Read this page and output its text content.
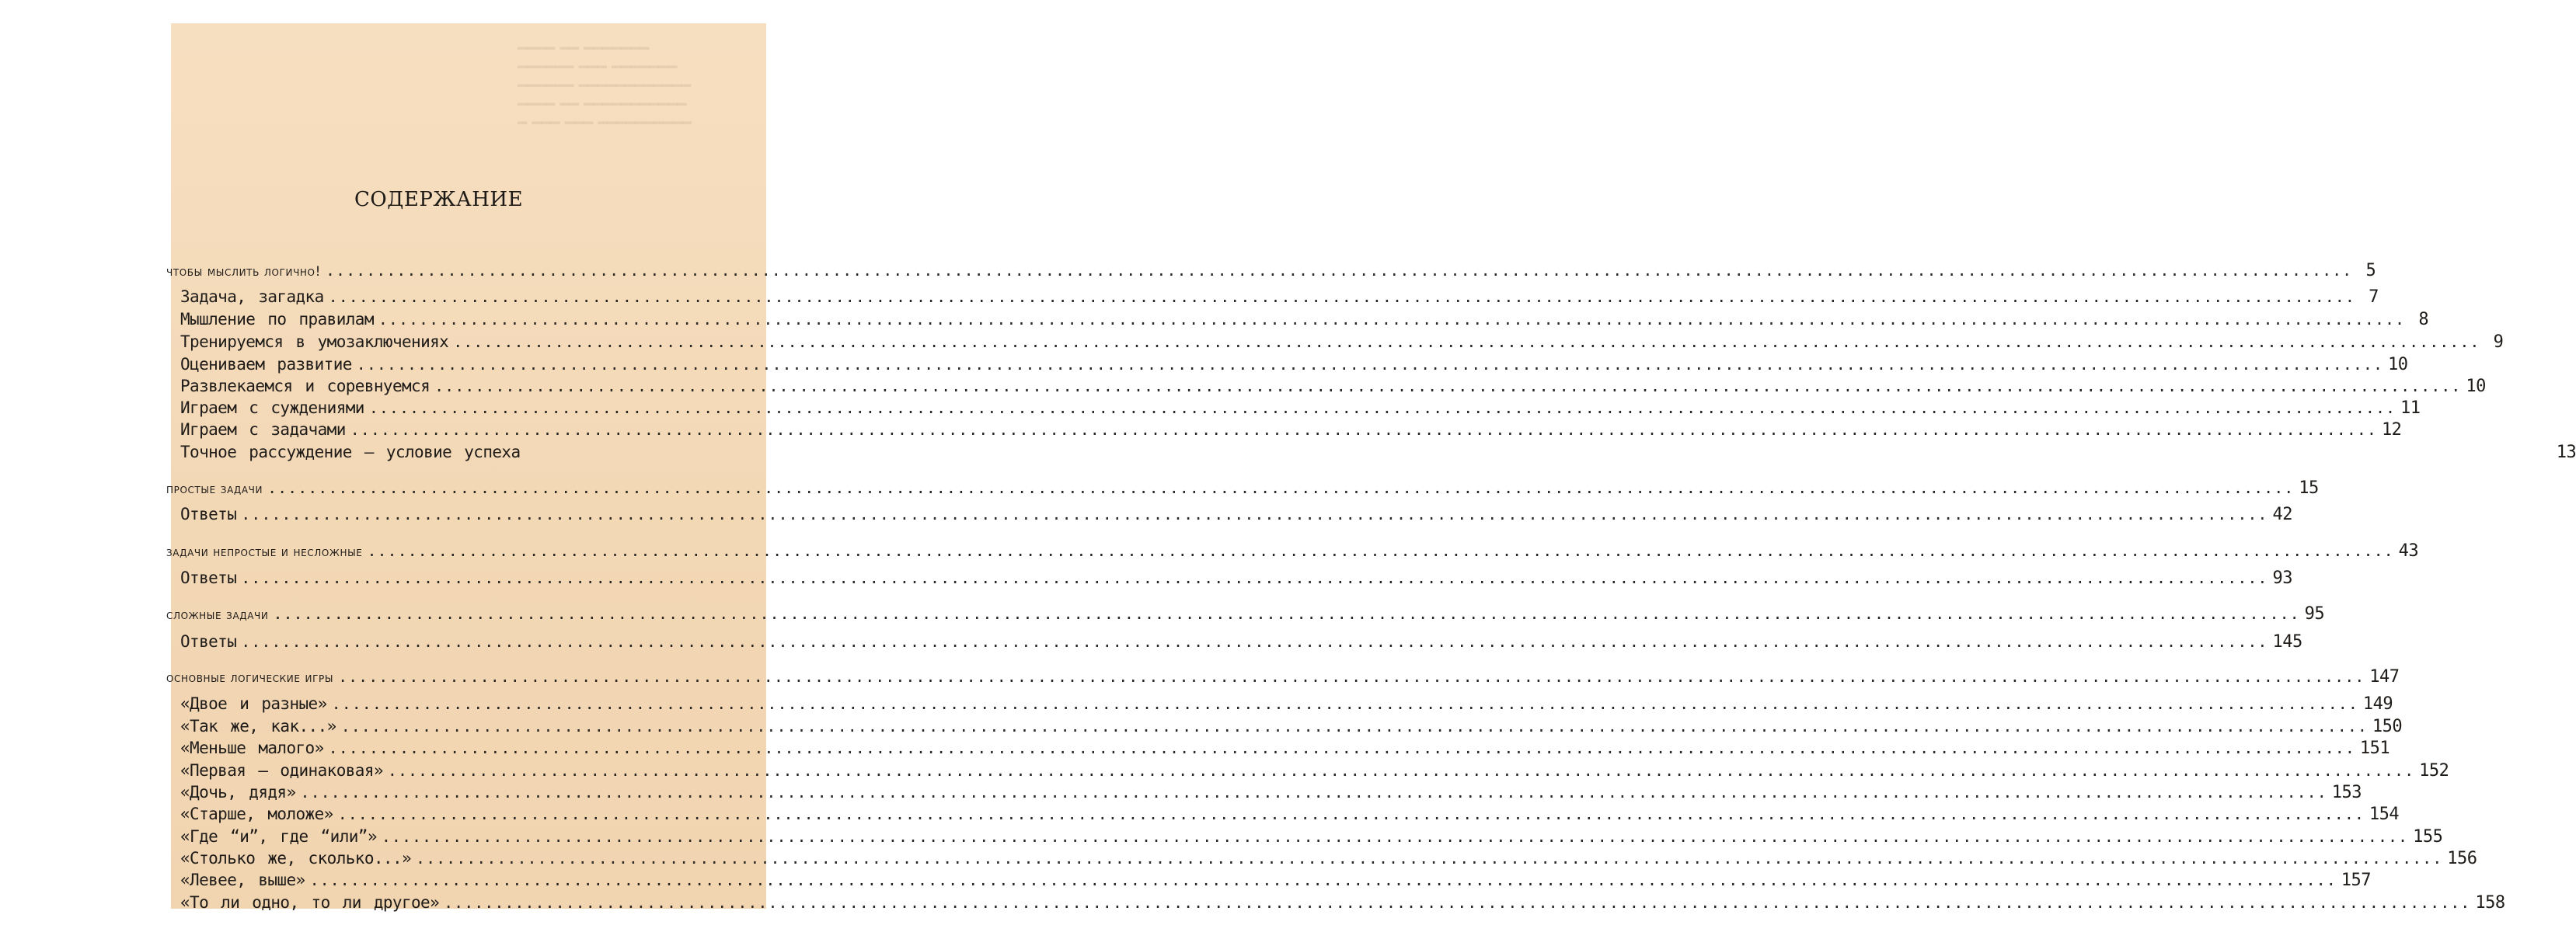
━━━━ ━━ ━━━━━━━
━━━━━━ ━━━ ━━━━━━━
━━━━━━ ━━━━━━━━━━━━
━━━━ ━━ ━━━━━━━━━━━
━ ━━━ ━━━ ━━━━━━━━━━
СОДЕРЖАНИЕ
чтобы мыслить логично! ........................................................................................................................................................................................................ 5
Задача, загадка ........................................................................................................................................................................................................ 7
Мышление по правилам ........................................................................................................................................................................................................ 8
Тренируемся в умозаключениях ........................................................................................................................................................................................................ 9
Оцениваем развитие ........................................................................................................................................................................................................ 10
Развлекаемся и соревнуемся ........................................................................................................................................................................................................ 10
Играем с суждениями ........................................................................................................................................................................................................ 11
Играем с задачами ........................................................................................................................................................................................................ 12
Точное рассуждение — условие успеха	13
простые задачи ........................................................................................................................................................................................................ 15
Ответы ........................................................................................................................................................................................................ 42
задачи непростые и несложные ........................................................................................................................................................................................................ 43
Ответы ........................................................................................................................................................................................................ 93
сложные задачи ........................................................................................................................................................................................................ 95
Ответы ........................................................................................................................................................................................................ 145
основные логические игры ........................................................................................................................................................................................................ 147
«Двое и разные» ........................................................................................................................................................................................................ 149
«Так же, как...» ........................................................................................................................................................................................................ 150
«Меньше малого» ........................................................................................................................................................................................................ 151
«Первая — одинаковая» ........................................................................................................................................................................................................ 152
«Дочь, дядя» ........................................................................................................................................................................................................ 153
«Старше, моложе» ........................................................................................................................................................................................................ 154
«Где “и”, где “или”» ........................................................................................................................................................................................................ 155
«Столько же, сколько...» ........................................................................................................................................................................................................ 156
«Левее, выше» ........................................................................................................................................................................................................ 157
«То ли одно, то ли другое» ........................................................................................................................................................................................................ 158
